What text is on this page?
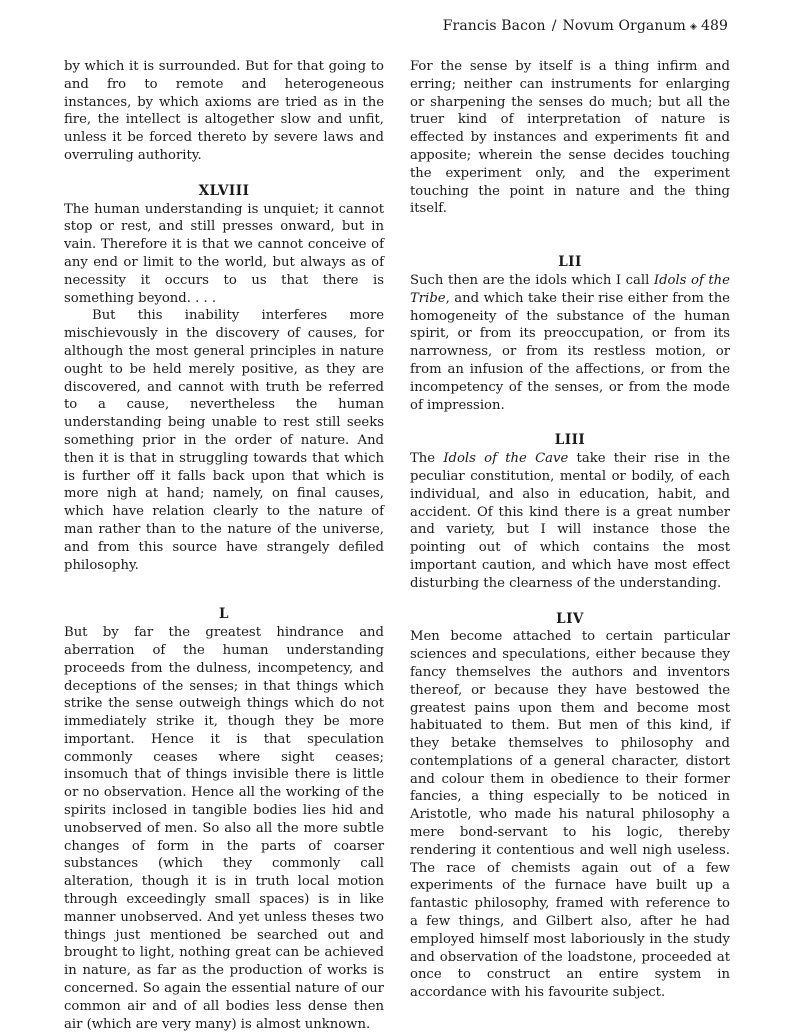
Francis Bacon / Novum Organum ◈ 489

by which it is surrounded. But for that going to and fro to remote and heterogeneous instances, by which axioms are tried as in the fire, the intellect is altogether slow and unfit, unless it be forced thereto by severe laws and overruling authority.

XLVIII

The human understanding is unquiet; it cannot stop or rest, and still presses onward, but in vain. Therefore it is that we cannot conceive of any end or limit to the world, but always as of necessity it occurs to us that there is something beyond. . . .

But this inability interferes more mischievously in the discovery of causes, for although the most general principles in nature ought to be held merely positive, as they are discovered, and cannot with truth be referred to a cause, nevertheless the human understanding being unable to rest still seeks something prior in the order of nature. And then it is that in struggling towards that which is further off it falls back upon that which is more nigh at hand; namely, on final causes, which have relation clearly to the nature of man rather than to the nature of the universe, and from this source have strangely defiled philosophy.

L

But by far the greatest hindrance and aberration of the human understanding proceeds from the dulness, incompetency, and deceptions of the senses; in that things which strike the sense outweigh things which do not immediately strike it, though they be more important. Hence it is that speculation commonly ceases where sight ceases; insomuch that of things invisible there is little or no observation. Hence all the working of the spirits inclosed in tangible bodies lies hid and unobserved of men. So also all the more subtle changes of form in the parts of coarser substances (which they commonly call alteration, though it is in truth local motion through exceedingly small spaces) is in like manner unobserved. And yet unless theses two things just mentioned be searched out and brought to light, nothing great can be achieved in nature, as far as the production of works is concerned. So again the essential nature of our common air and of all bodies less dense then air (which are very many) is almost unknown.

For the sense by itself is a thing infirm and erring; neither can instruments for enlarging or sharpening the senses do much; but all the truer kind of interpretation of nature is effected by instances and experiments fit and apposite; wherein the sense decides touching the experiment only, and the experiment touching the point in nature and the thing itself.

LII

Such then are the idols which I call Idols of the Tribe, and which take their rise either from the homogeneity of the substance of the human spirit, or from its preoccupation, or from its narrowness, or from its restless motion, or from an infusion of the affections, or from the incompetency of the senses, or from the mode of impression.

LIII

The Idols of the Cave take their rise in the peculiar constitution, mental or bodily, of each individual, and also in education, habit, and accident. Of this kind there is a great number and variety, but I will instance those the pointing out of which contains the most important caution, and which have most effect disturbing the clearness of the understanding.

LIV

Men become attached to certain particular sciences and speculations, either because they fancy themselves the authors and inventors thereof, or because they have bestowed the greatest pains upon them and become most habituated to them. But men of this kind, if they betake themselves to philosophy and contemplations of a general character, distort and colour them in obedience to their former fancies, a thing especially to be noticed in Aristotle, who made his natural philosophy a mere bond-servant to his logic, thereby rendering it contentious and well nigh useless. The race of chemists again out of a few experiments of the furnace have built up a fantastic philosophy, framed with reference to a few things, and Gilbert also, after he had employed himself most laboriously in the study and observation of the loadstone, proceeded at once to construct an entire system in accordance with his favourite subject.
